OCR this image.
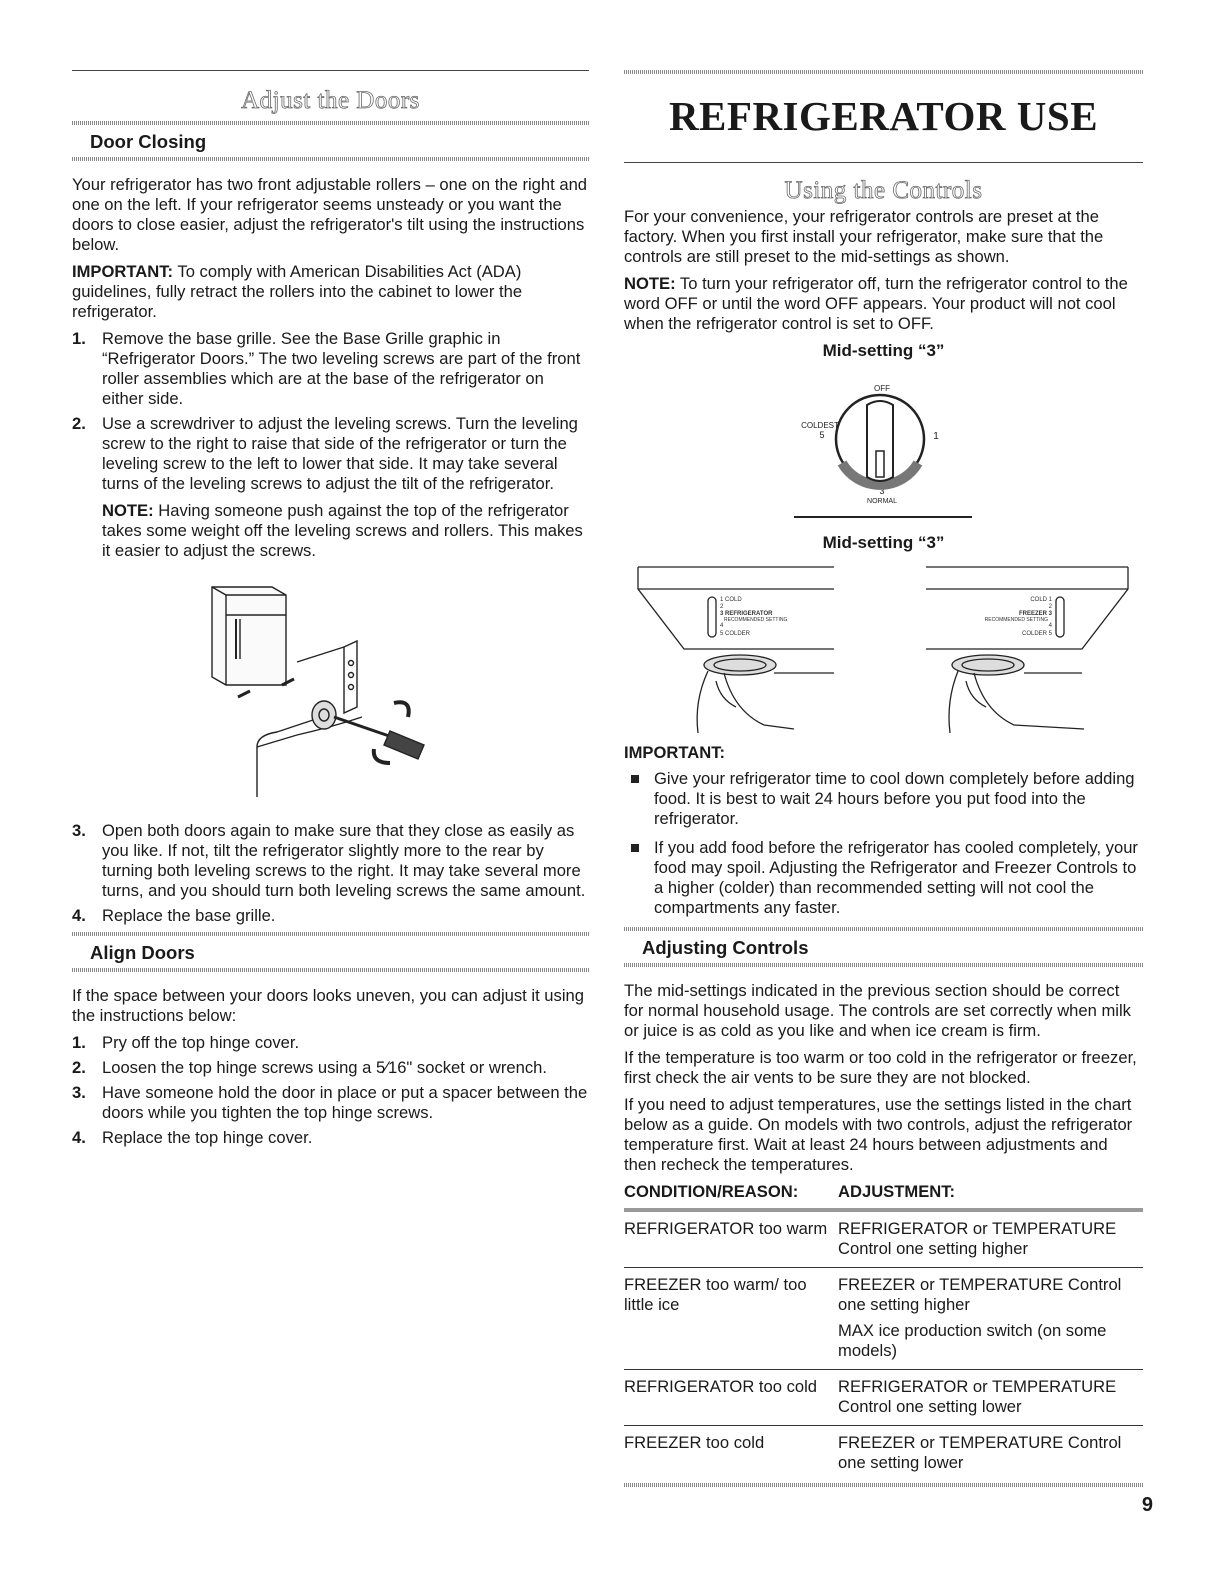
Adjust the Doors
Door Closing

Your refrigerator has two front adjustable rollers – one on the right and one on the left. If your refrigerator seems unsteady or you want the doors to close easier, adjust the refrigerator's tilt using the instructions below.

IMPORTANT: To comply with American Disabilities Act (ADA) guidelines, fully retract the rollers into the cabinet to lower the refrigerator.

1. Remove the base grille. See the Base Grille graphic in “Refrigerator Doors.” The two leveling screws are part of the front roller assemblies which are at the base of the refrigerator on either side.
2. Use a screwdriver to adjust the leveling screws. Turn the leveling screw to the right to raise that side of the refrigerator or turn the leveling screw to the left to lower that side. It may take several turns of the leveling screws to adjust the tilt of the refrigerator.
NOTE: Having someone push against the top of the refrigerator takes some weight off the leveling screws and rollers. This makes it easier to adjust the screws.
3. Open both doors again to make sure that they close as easily as you like. If not, tilt the refrigerator slightly more to the rear by turning both leveling screws to the right. It may take several more turns, and you should turn both leveling screws the same amount.
4. Replace the base grille.
Align Doors

If the space between your doors looks uneven, you can adjust it using the instructions below:

1. Pry off the top hinge cover.
2. Loosen the top hinge screws using a 5⁄16" socket or wrench.
3. Have someone hold the door in place or put a spacer between the doors while you tighten the top hinge screws.
4. Replace the top hinge cover.
REFRIGERATOR USE
Using the Controls

For your convenience, your refrigerator controls are preset at the factory. When you first install your refrigerator, make sure that the controls are still preset to the mid-settings as shown.

NOTE: To turn your refrigerator off, turn the refrigerator control to the word OFF or until the word OFF appears. Your product will not cool when the refrigerator control is set to OFF.

Mid-setting “3”
OFF
COLDEST
5	1
3
NORMAL
Mid-setting “3”
1 COLD
2
3 REFRIGERATOR
RECOMMENDED SETTING
4
5 COLDER
COLD 1
2
FREEZER 3
RECOMMENDED SETTING
4
COLDER 5

IMPORTANT:

Give your refrigerator time to cool down completely before adding food. It is best to wait 24 hours before you put food into the refrigerator.
If you add food before the refrigerator has cooled completely, your food may spoil. Adjusting the Refrigerator and Freezer Controls to a higher (colder) than recommended setting will not cool the compartments any faster.
Adjusting Controls

The mid-settings indicated in the previous section should be correct for normal household usage. The controls are set correctly when milk or juice is as cold as you like and when ice cream is firm.

If the temperature is too warm or too cold in the refrigerator or freezer, first check the air vents to be sure they are not blocked.

If you need to adjust temperatures, use the settings listed in the chart below as a guide. On models with two controls, adjust the refrigerator temperature first. Wait at least 24 hours between adjustments and then recheck the temperatures.

CONDITION/REASON:	ADJUSTMENT:
REFRIGERATOR too warm	REFRIGERATOR or TEMPERATURE Control one setting higher
FREEZER too warm/ too little ice	FREEZER or TEMPERATURE Control one setting higher
MAX ice production switch (on some models)

REFRIGERATOR too cold	REFRIGERATOR or TEMPERATURE Control one setting lower
FREEZER too cold	FREEZER or TEMPERATURE Control one setting lower
9
